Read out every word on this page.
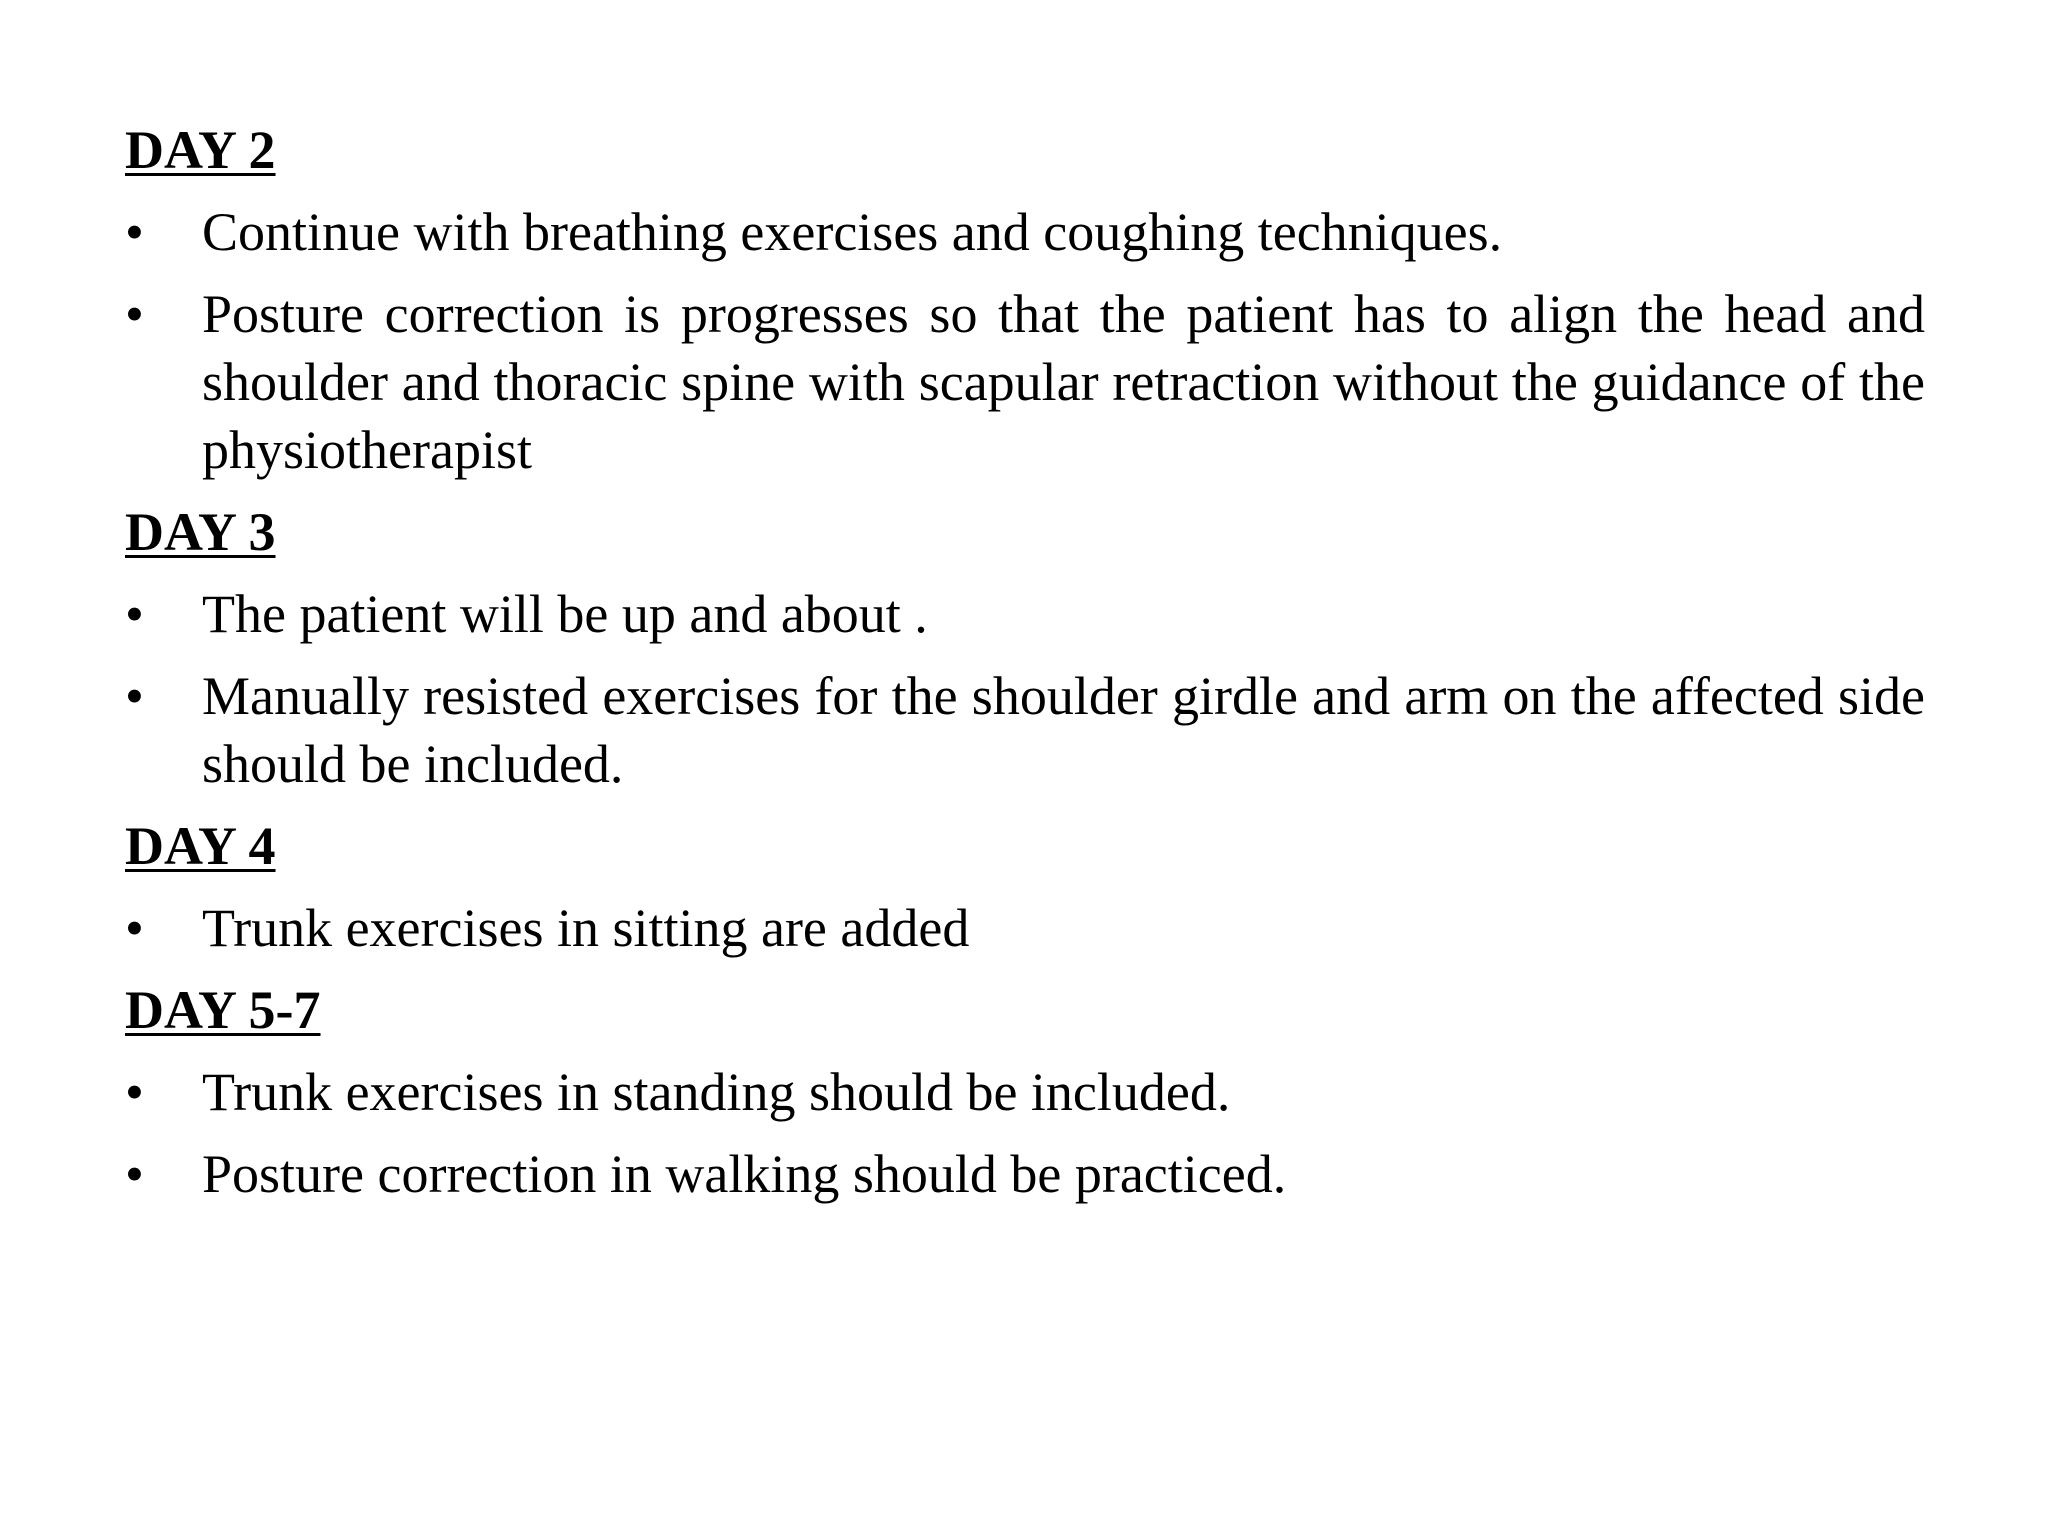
DAY 2
• Continue with breathing exercises and coughing techniques.
• Posture correction is progresses so that the patient has to align the head and shoulder and thoracic spine with scapular retraction without the guidance of the physiotherapist
DAY 3
• The patient will be up and about .
• Manually resisted exercises for the shoulder girdle and arm on the affected side should be included.
DAY 4
• Trunk exercises in sitting are added
DAY 5-7
• Trunk exercises in standing should be included.
• Posture correction in walking should be practiced.
